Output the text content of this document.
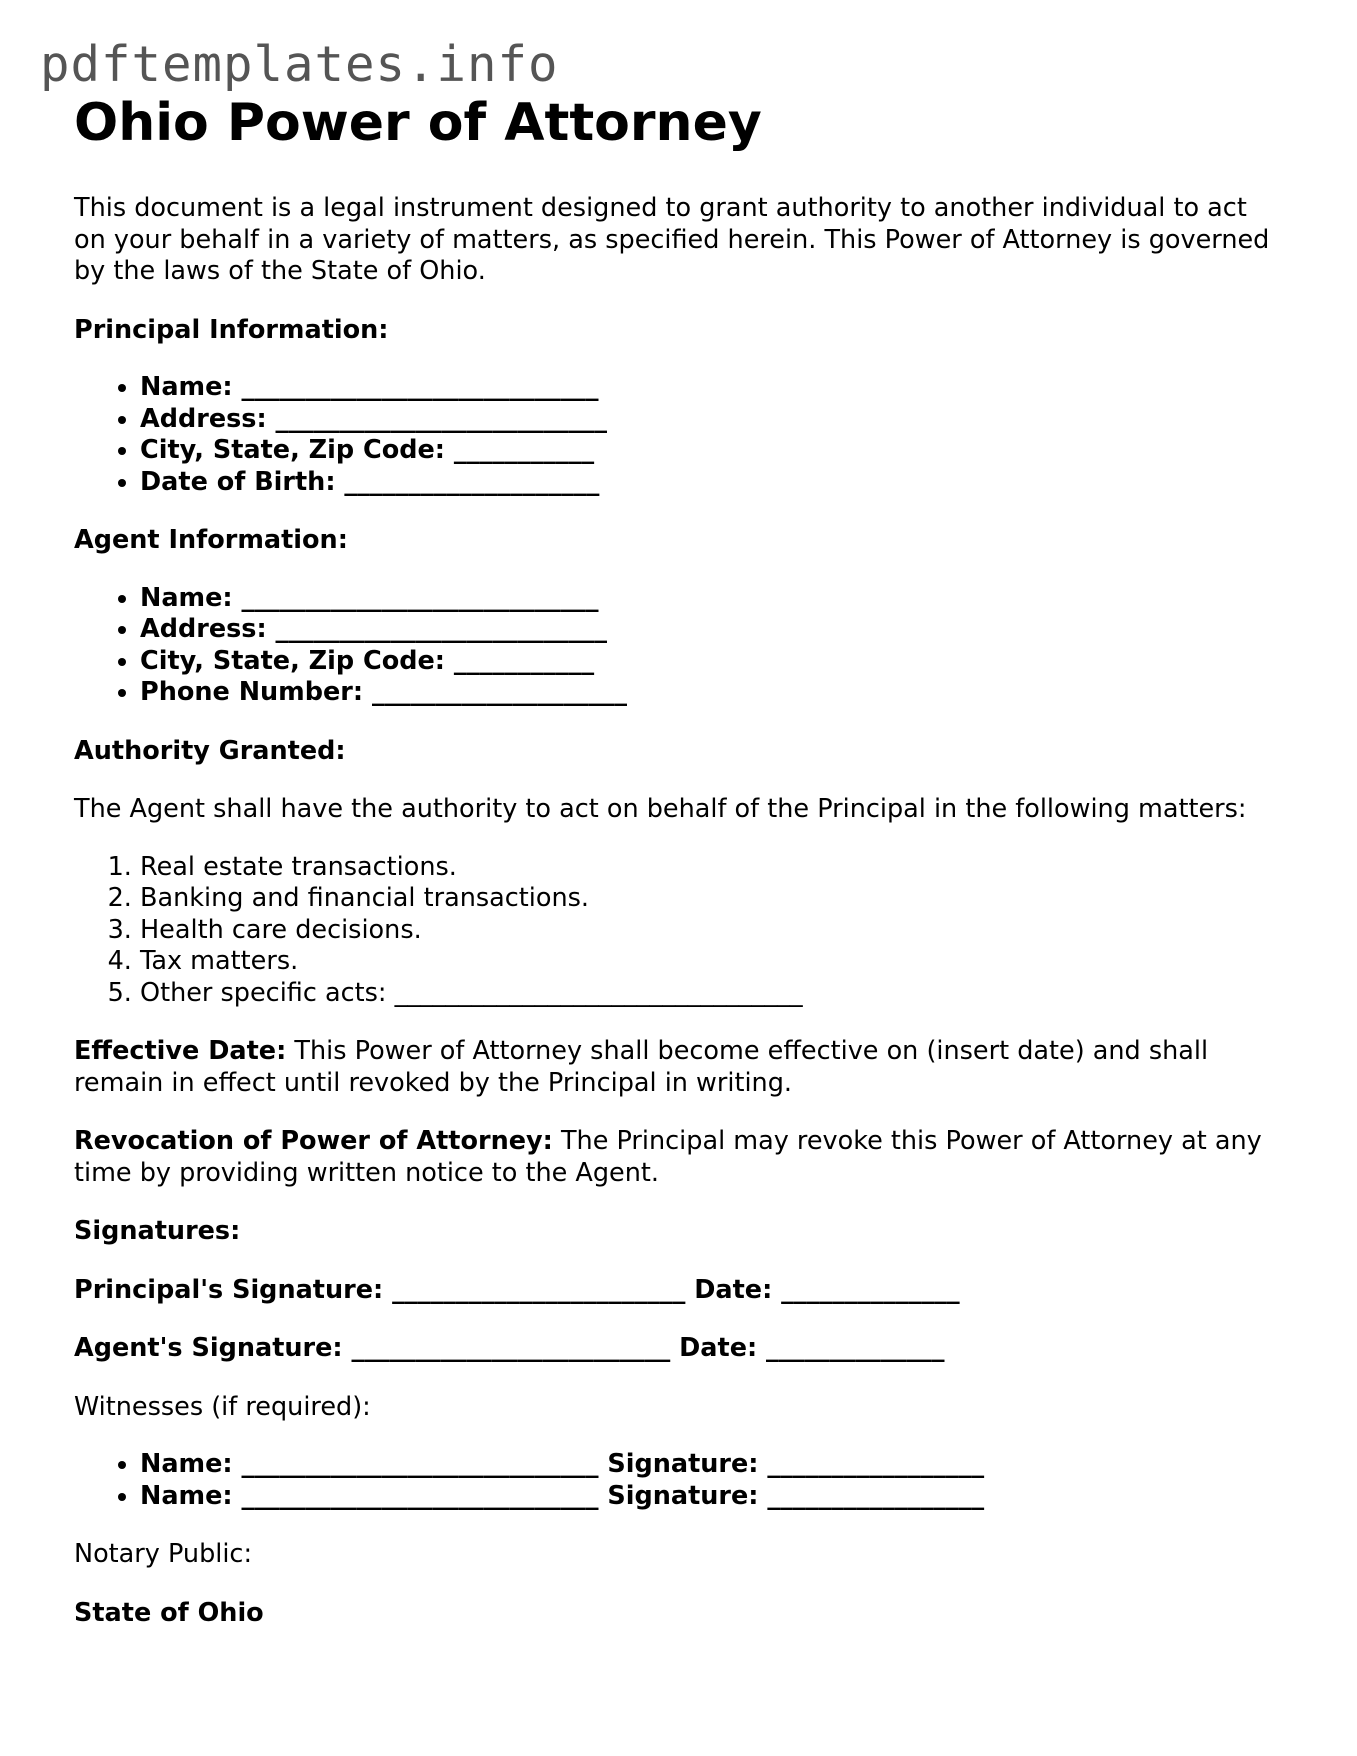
pdftemplates.info
Ohio Power of Attorney

This document is a legal instrument designed to grant authority to another individual to act on your behalf in a variety of matters, as specified herein. This Power of Attorney is governed by the laws of the State of Ohio.

Principal Information:

• Name: ____________________________
• Address: __________________________
• City, State, Zip Code: ___________
• Date of Birth: ____________________

Agent Information:

• Name: ____________________________
• Address: __________________________
• City, State, Zip Code: ___________
• Phone Number: ____________________

Authority Granted:

The Agent shall have the authority to act on behalf of the Principal in the following matters:

1. Real estate transactions.
2. Banking and financial transactions.
3. Health care decisions.
4. Tax matters.
5. Other specific acts: ________________________________

Effective Date: This Power of Attorney shall become effective on (insert date) and shall remain in effect until revoked by the Principal in writing.

Revocation of Power of Attorney: The Principal may revoke this Power of Attorney at any time by providing written notice to the Agent.

Signatures:

Principal's Signature: _______________________ Date: ______________

Agent's Signature: _________________________ Date: ______________

Witnesses (if required):

• Name: ____________________________ Signature: _________________
• Name: ____________________________ Signature: _________________

Notary Public:

State of Ohio
